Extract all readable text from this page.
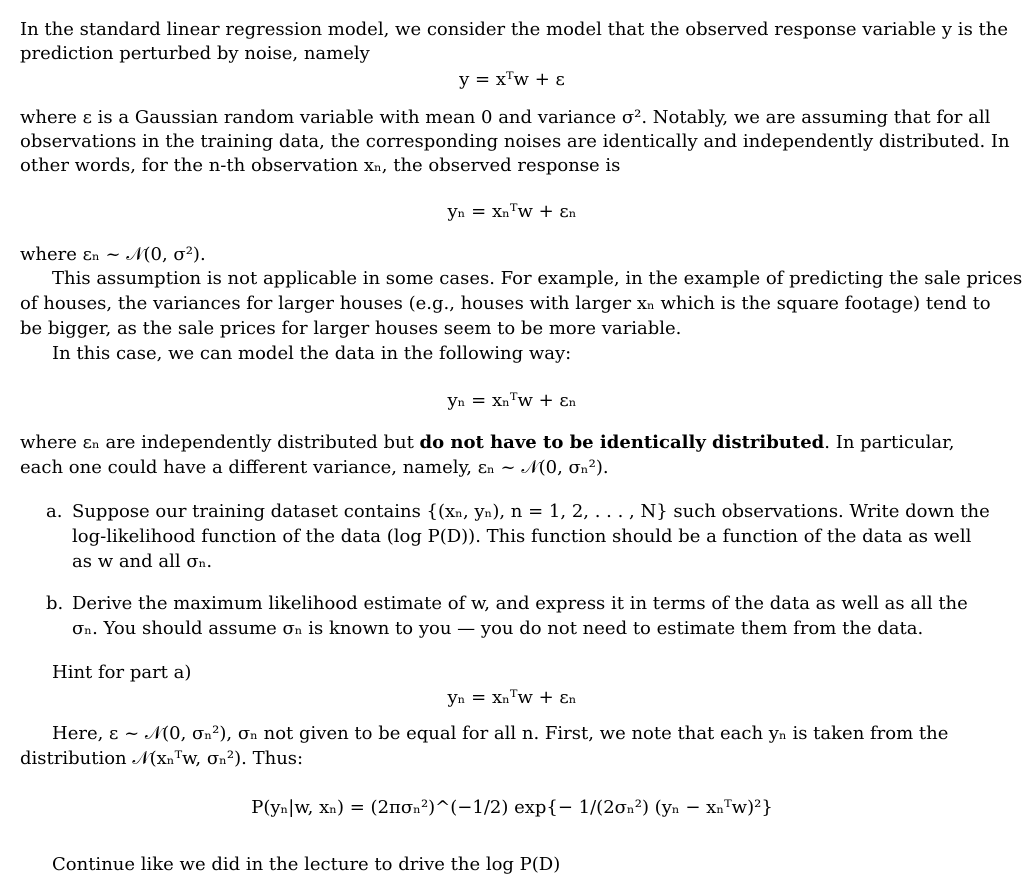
In the standard linear regression model, we consider the model that the observed response variable y is the
prediction perturbed by noise, namely
y = xᵀw + ε
where ε is a Gaussian random variable with mean 0 and variance σ². Notably, we are assuming that for all
observations in the training data, the corresponding noises are identically and independently distributed. In
other words, for the n-th observation xₙ, the observed response is
yₙ = xₙᵀw + εₙ
where εₙ ~ 𝒩(0, σ²).
This assumption is not applicable in some cases. For example, in the example of predicting the sale prices
of houses, the variances for larger houses (e.g., houses with larger xₙ which is the square footage) tend to
be bigger, as the sale prices for larger houses seem to be more variable.
In this case, we can model the data in the following way:
yₙ = xₙᵀw + εₙ
where εₙ are independently distributed but do not have to be identically distributed. In particular,
each one could have a different variance, namely, εₙ ~ 𝒩(0, σₙ²).
a. Suppose our training dataset contains {(xₙ, yₙ), n = 1, 2, . . . , N} such observations. Write down the
log-likelihood function of the data (log P(D)). This function should be a function of the data as well
as w and all σₙ.
b. Derive the maximum likelihood estimate of w, and express it in terms of the data as well as all the
σₙ. You should assume σₙ is known to you — you do not need to estimate them from the data.
Hint for part a)
yₙ = xₙᵀw + εₙ
Here, ε ~ 𝒩(0, σₙ²), σₙ not given to be equal for all n. First, we note that each yₙ is taken from the
distribution 𝒩(xₙᵀw, σₙ²). Thus:
P(yₙ|w, xₙ) = (2πσₙ²)^(−1/2) exp{− 1/(2σₙ²) (yₙ − xₙᵀw)²}
Continue like we did in the lecture to drive the log P(D)
